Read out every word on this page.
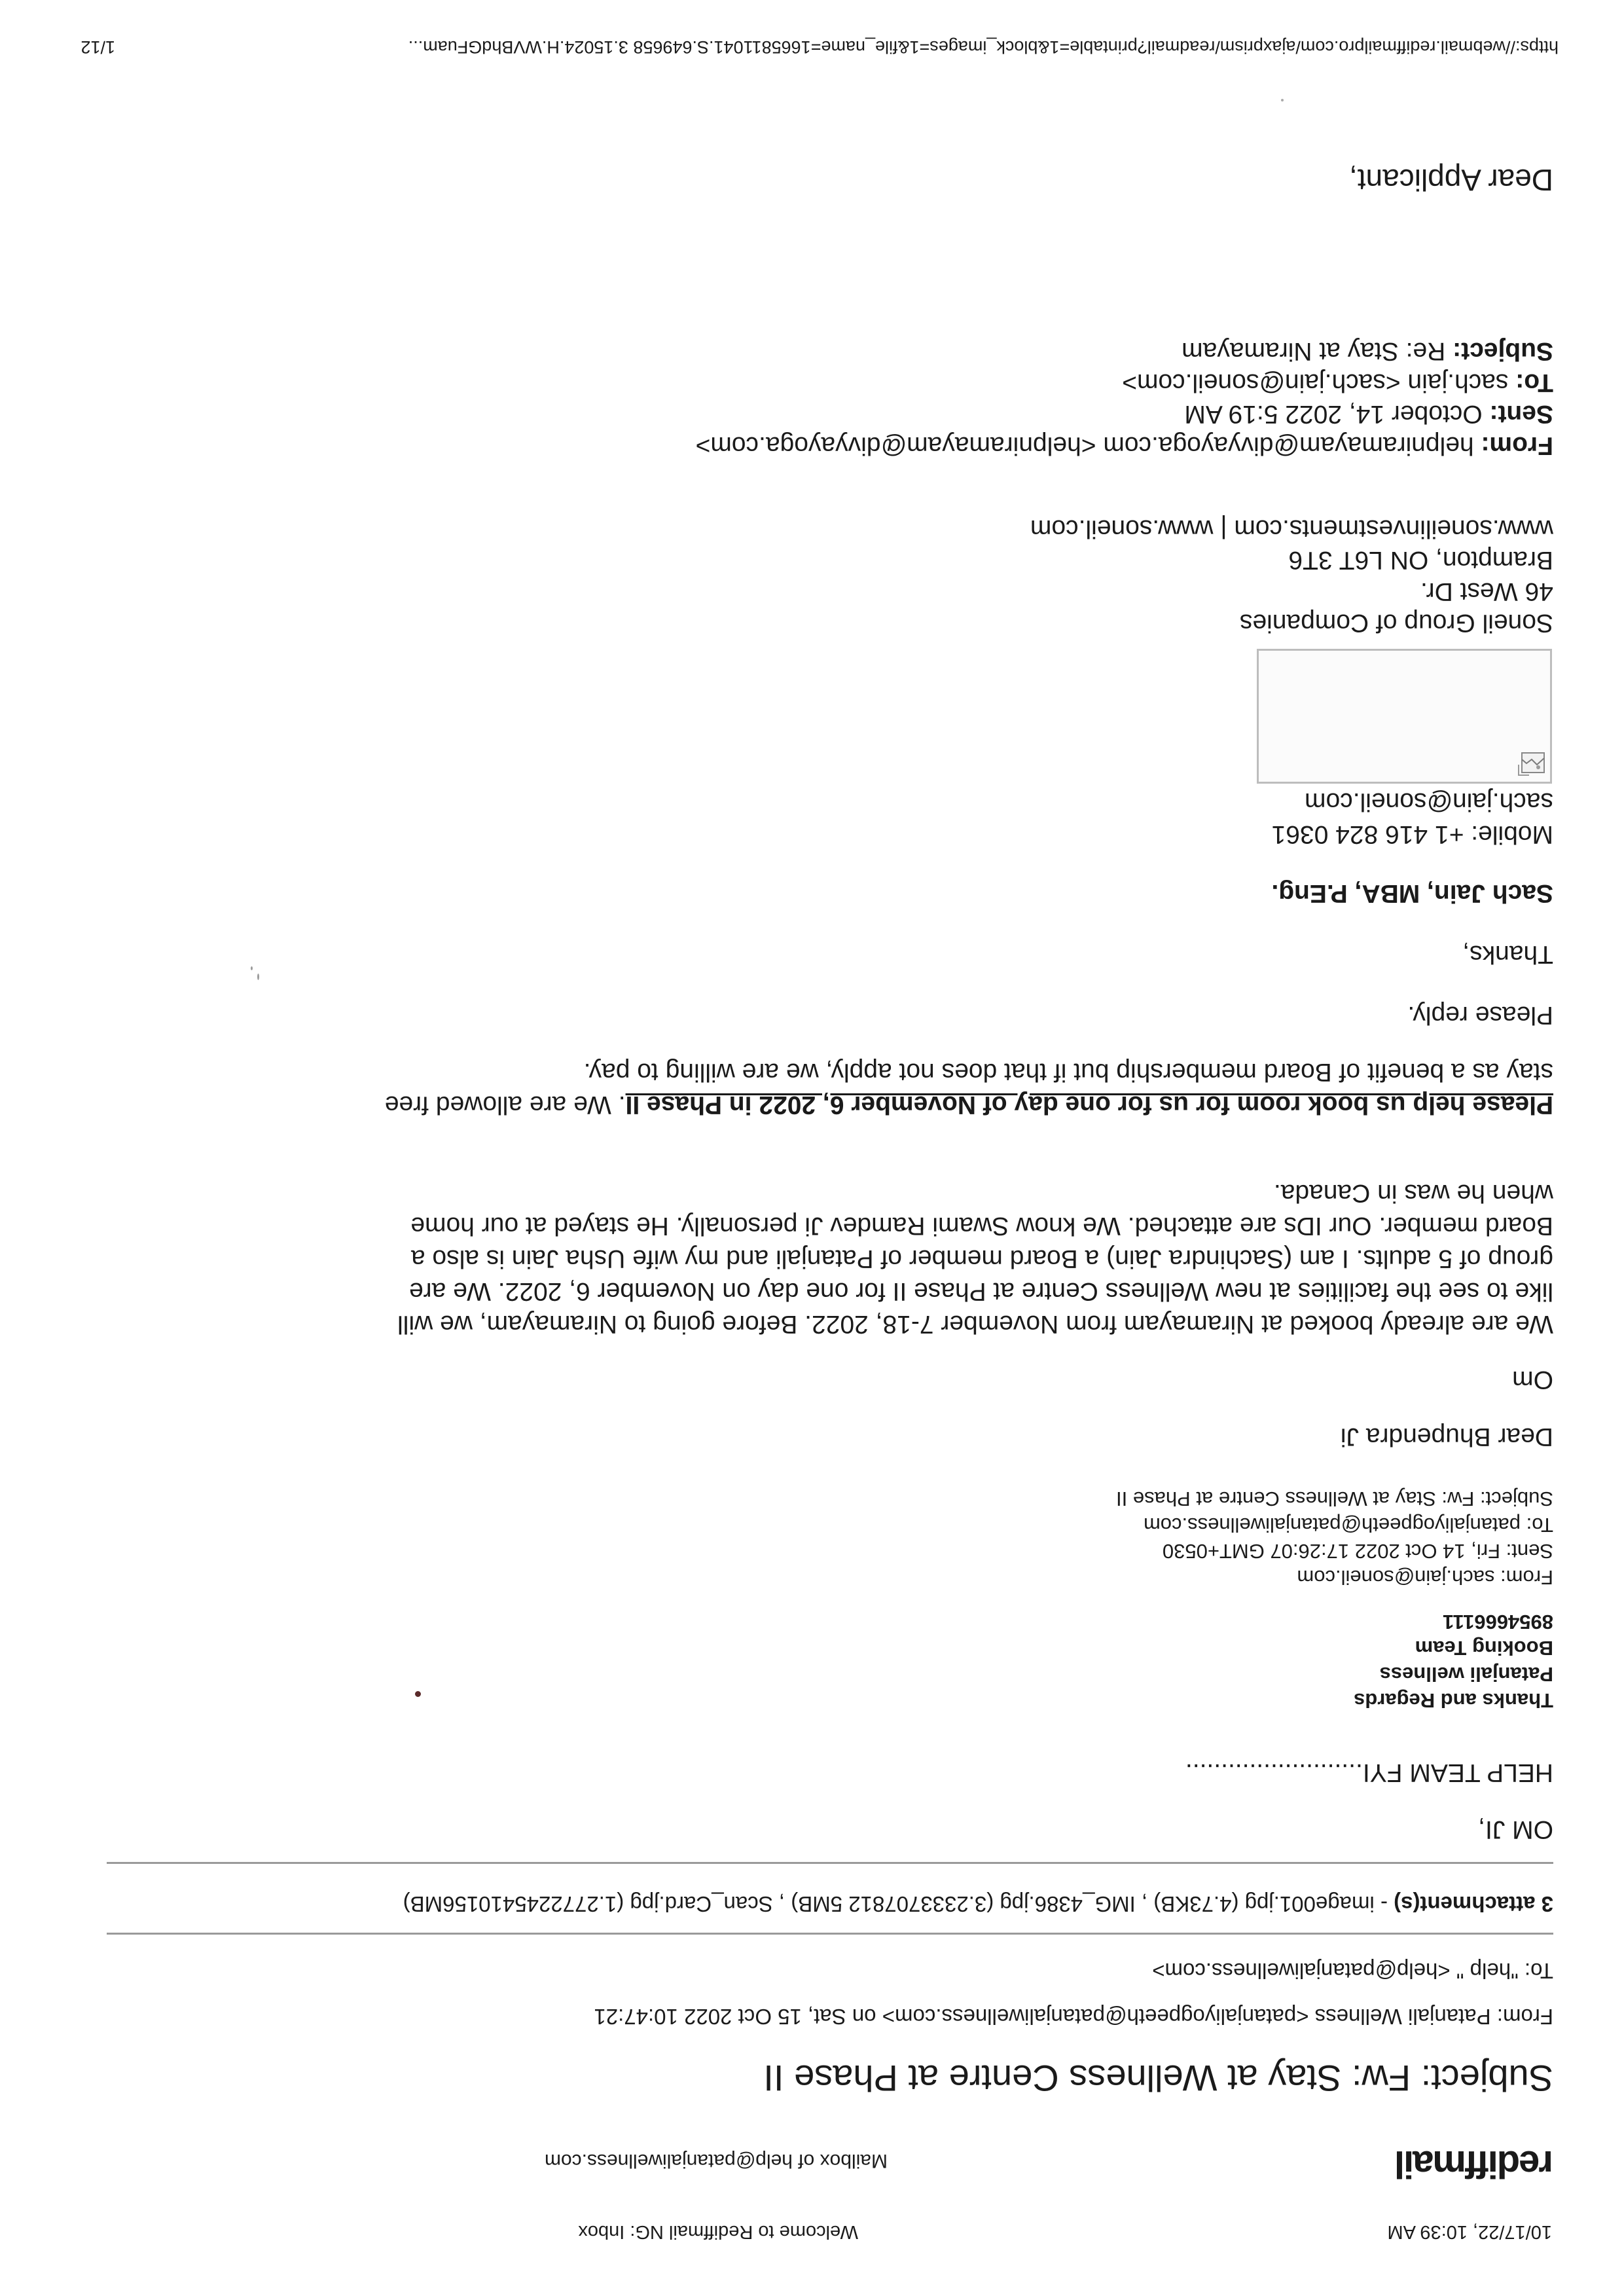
10/17/22, 10:39 AM
Welcome to Rediffmail NG: Inbox
rediffmail
Mailbox of help@patanjaliwellness.com
Subject: Fw: Stay at Wellness Centre at Phase II
From: Patanjali Wellness <patanjaliyogpeeth@patanjaliwellness.com> on Sat, 15 Oct 2022 10:47:21
To: "help " <help@patanjaliwellness.com>
3 attachment(s) - image001.jpg (4.73KB) , IMG_4386.jpg (3.2333707812 5MB) , Scan_Card.jpg (1.2772245410156MB)
OM JI,
HELP TEAM FYI.........................
Thanks and Regards
Patanjali wellness
Booking Team
8954666111
From: sach.jain@soneil.com
Sent: Fri, 14 Oct 2022 17:26:07 GMT+0530
To: patanjaliyogpeeth@patanjaliwellness.com
Subject: Fw: Stay at Wellness Centre at Phase II
Dear Bhupendra Ji
Om
We are already booked at Niramayam from November 7-18, 2022. Before going to Niramayam, we will
like to see the facilities at new Wellness Centre at Phase II for one day on November 6, 2022. We are
group of 5 adults. I am (Sachindra Jain) a Board member of Patanjali and my wife Usha Jain is also a
Board member. Our IDs are attached. We know Swami Ramdev Ji personally. He stayed at our home
when he was in Canada.
Please help us book room for us for one day of November 6, 2022 in Phase II. We are allowed free
stay as a benefit of Board membership but if that does not apply, we are willing to pay.
Please reply.
Thanks,
Sach Jain, MBA, P.Eng.
Mobile: +1 416 824 0361
sach.jain@soneil.com
Soneil Group of Companies
46 West Dr.
Brampton, ON L6T 3T6
www.soneilinvestments.com | www.soneil.com
From: helpniramayam@divyayoga.com <helpniramayam@divyayoga.com>
Sent: October 14, 2022 5:19 AM
To: sach.jain <sach.jain@soneil.com>
Subject: Re: Stay at Niramayam
Dear Applicant,
https://webmail.rediffmailpro.com/ajaxprism/readmail?printable=1&block_images=1&file_name=1665811041.S.649658 3.15024.H.WVBhdGFuam...
1/12
